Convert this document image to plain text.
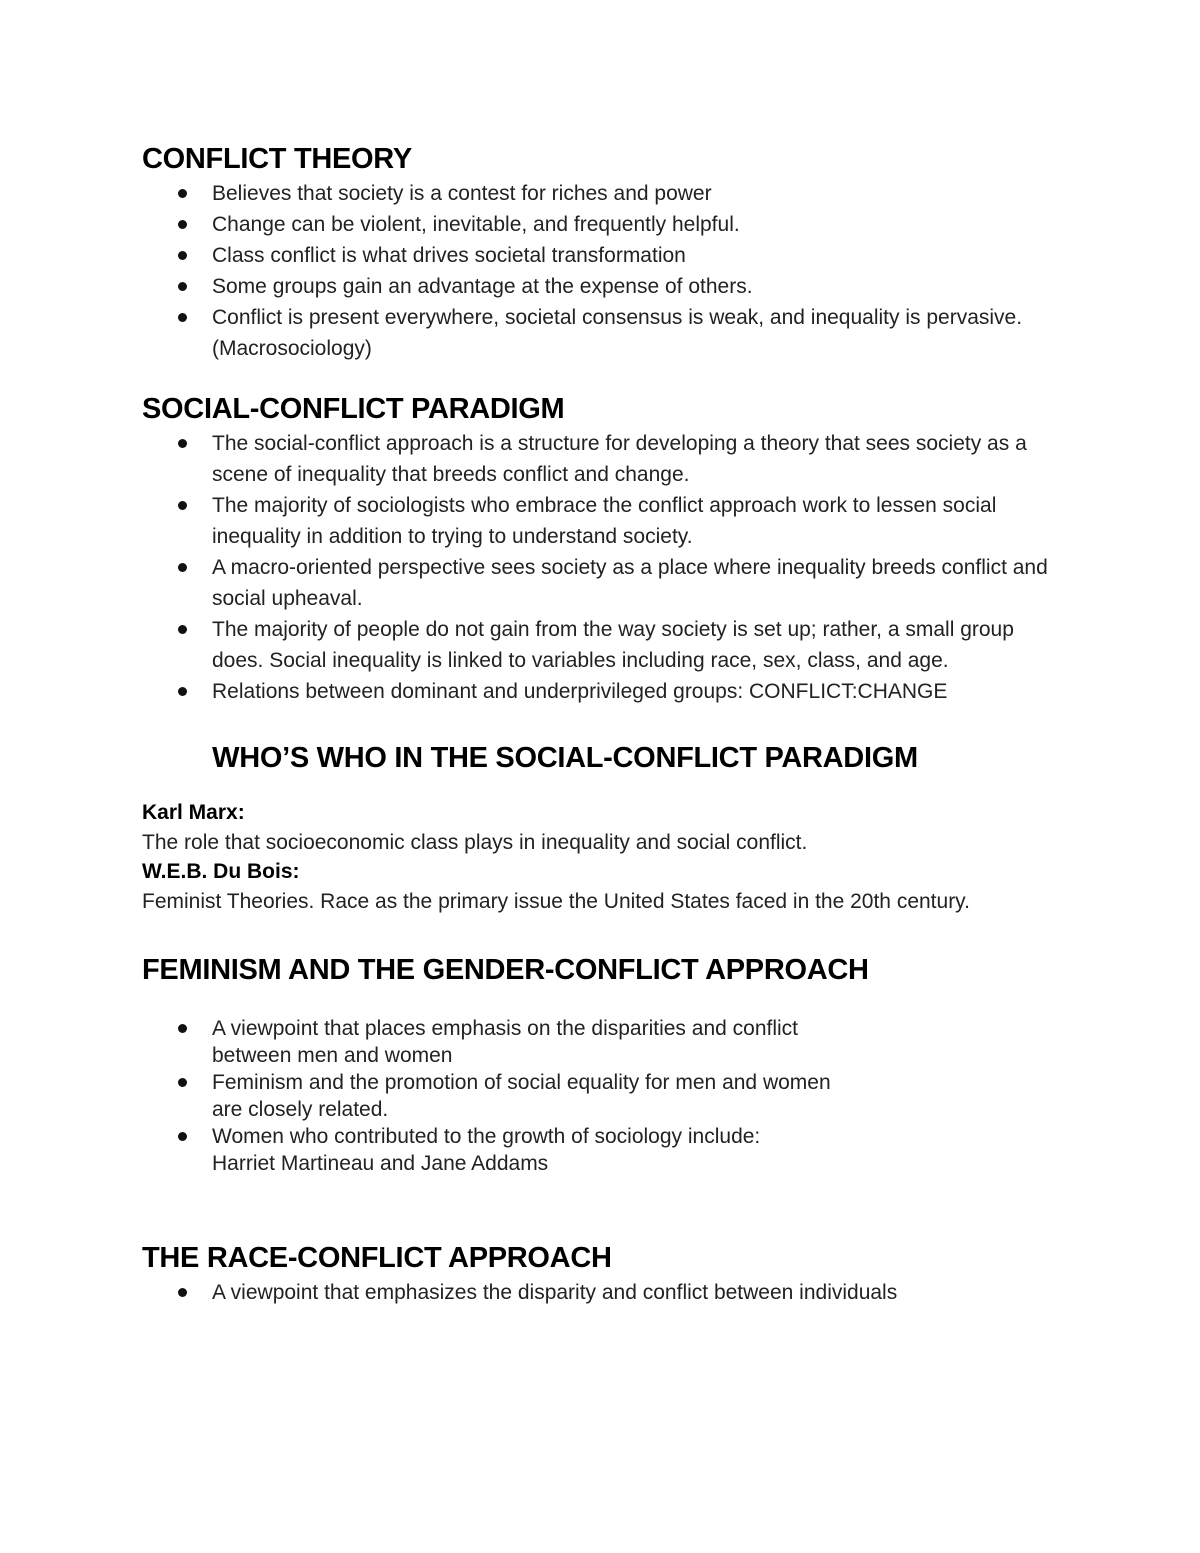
CONFLICT THEORY
Believes that society is a contest for riches and power
Change can be violent, inevitable, and frequently helpful.
Class conflict is what drives societal transformation
Some groups gain an advantage at the expense of others.
Conflict is present everywhere, societal consensus is weak, and inequality is pervasive. (Macrosociology)
SOCIAL-CONFLICT PARADIGM
The social-conflict approach is a structure for developing a theory that sees society as a scene of inequality that breeds conflict and change.
The majority of sociologists who embrace the conflict approach work to lessen social inequality in addition to trying to understand society.
A macro-oriented perspective sees society as a place where inequality breeds conflict and social upheaval.
The majority of people do not gain from the way society is set up; rather, a small group does. Social inequality is linked to variables including race, sex, class, and age.
Relations between dominant and underprivileged groups: CONFLICT:CHANGE
WHO’S WHO IN THE SOCIAL-CONFLICT PARADIGM
Karl Marx:
The role that socioeconomic class plays in inequality and social conflict.
W.E.B. Du Bois:
Feminist Theories. Race as the primary issue the United States faced in the 20th century.
FEMINISM AND THE GENDER-CONFLICT APPROACH
A viewpoint that places emphasis on the disparities and conflict
between men and women
Feminism and the promotion of social equality for men and women
are closely related.
Women who contributed to the growth of sociology include:
Harriet Martineau and Jane Addams
THE RACE-CONFLICT APPROACH
A viewpoint that emphasizes the disparity and conflict between individuals
